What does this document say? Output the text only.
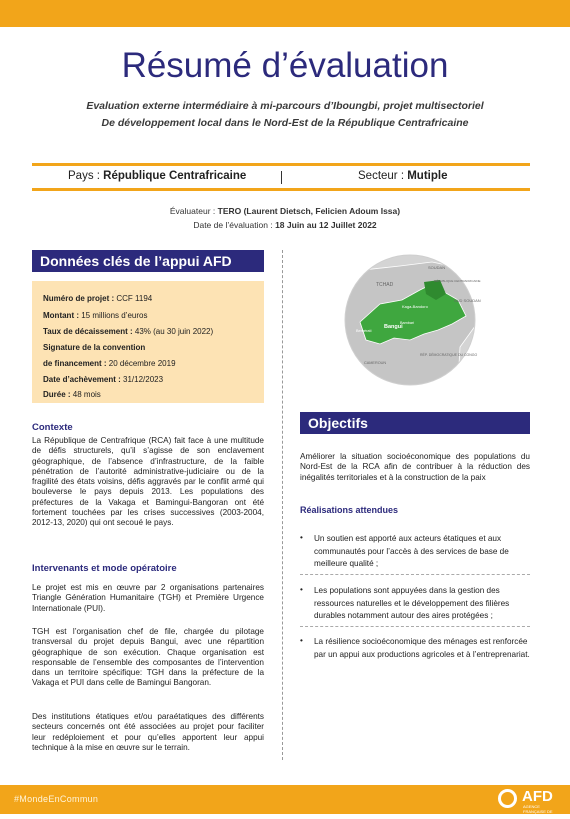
Résumé d’évaluation
Evaluation externe intermédiaire à mi-parcours d’Iboungbi, projet multisectoriel
De développement local dans le Nord-Est de la République Centrafricaine
Pays : République Centrafricaine	Secteur : Mutiple
Évaluateur : TERO (Laurent Dietsch, Felicien Adoum Issa)
Date de l’évaluation : 18 Juin au 12 Juillet 2022
Données clés de l’appui AFD
Numéro de projet : CCF 1194
Montant : 15 millions d’euros
Taux de décaissement : 43% (au 30 juin 2022)
Signature de la convention
de financement : 20 décembre 2019
Date d’achèvement : 31/12/2023
Durée : 48 mois
Contexte
La République de Centrafrique (RCA) fait face à une multitude de défis structurels, qu’il s’agisse de son enclavement géographique, de l’absence d’infrastructure, de la faible pénétration de l’autorité administrative-judiciaire ou de la fragilité des états voisins, défis aggravés par le conflit armé qui bouleverse le pays depuis 2013. Les populations des préfectures de la Vakaga et Bamingui-Bangoran ont été fortement touchées par les crises successives (2003-2004, 2012-13, 2020) qui ont secoué le pays.
Intervenants et mode opératoire
Le projet est mis en œuvre par 2 organisations partenaires Triangle Génération Humanitaire (TGH) et Première Urgence Internationale (PUI).
TGH est l’organisation chef de file, chargée du pilotage transversal du projet depuis Bangui, avec une répartition géographique de son exécution. Chaque organisation est responsable de l’ensemble des composantes de l’intervention dans un territoire spécifique: TGH dans la préfecture de la Vakaga et PUI dans celle de Bamingui Bangoran.
Des institutions étatiques et/ou paraétatiques des différents secteurs concernés ont été associées au projet pour faciliter leur redéploiement et pour qu’elles apportent leur appui technique à la mise en œuvre sur le terrain.
TCHAD
SOUDAN
RÉPUBLIQUE CENTRAFRICAINE
SUD SOUDAN
Kaga-Bandoro
Bangui
Bambari
Berbérati
CAMEROUN
RÉP. DÉMOCRATIQUE DU CONGO
Objectifs
Améliorer la situation socioéconomique des populations du Nord-Est de la RCA afin de contribuer à la réduction des inégalités territoriales et à la construction de la paix
Réalisations attendues
• Un soutien est apporté aux acteurs étatiques et aux communautés pour l’accès à des services de base de meilleure qualité ;
• Les populations sont appuyées dans la gestion des ressources naturelles et le développement des filières durables notamment autour des aires protégées ;
• La résilience socioéconomique des ménages est renforcée par un appui aux productions agricoles et à l’entreprenariat.
#MondeEnCommun	AFD
AGENCE FRANÇAISE DE DÉVELOPPEMENT
